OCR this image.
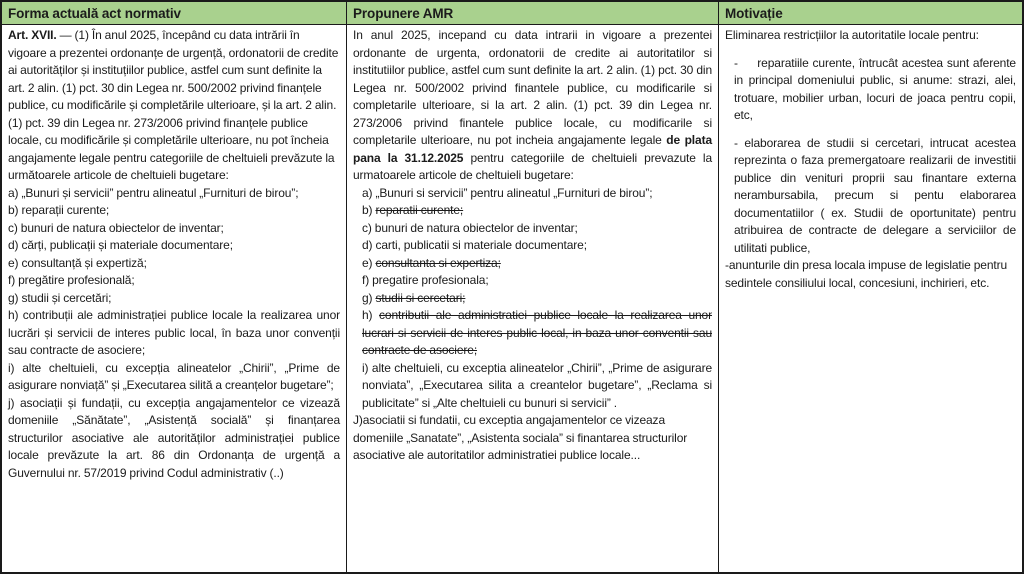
Forma actuală act normativ

Art. XVII. — (1) În anul 2025, începând cu data intrării în vigoare a prezentei ordonanțe de urgență, ordonatorii de credite ai autorităților și instituțiilor publice, astfel cum sunt definite la art. 2 alin. (1) pct. 30 din Legea nr. 500/2002 privind finanțele publice, cu modificările și completările ulterioare, și la art. 2 alin. (1) pct. 39 din Legea nr. 273/2006 privind finanțele publice locale, cu modificările și completările ulterioare, nu pot încheia angajamente legale pentru categoriile de cheltuieli prevăzute la următoarele articole de cheltuieli bugetare:

a) „Bunuri și servicii” pentru alineatul „Furnituri de birou”;

b) reparații curente;

c) bunuri de natura obiectelor de inventar;

d) cărți, publicații și materiale documentare;

e) consultanță și expertiză;

f) pregătire profesională;

g) studii și cercetări;

h) contribuții ale administrației publice locale la realizarea unor lucrări și servicii de interes public local, în baza unor convenții sau contracte de asociere;

i) alte cheltuieli, cu excepția alineatelor „Chirii”, „Prime de asigurare nonviață” și „Executarea silită a creanțelor bugetare”;

j) asociații și fundații, cu excepția angajamentelor ce vizează domeniile „Sănătate”, „Asistență socială” și finanțarea structurilor asociative ale autorităților administrației publice locale prevăzute la art. 86 din Ordonanța de urgență a Guvernului nr. 57/2019 privind Codul administrativ (..)

Propunere AMR

In anul 2025, incepand cu data intrarii in vigoare a prezentei ordonante de urgenta, ordonatorii de credite ai autoritatilor si institutiilor publice, astfel cum sunt definite la art. 2 alin. (1) pct. 30 din Legea nr. 500/2002 privind finantele publice, cu modificarile si completarile ulterioare, si la art. 2 alin. (1) pct. 39 din Legea nr. 273/2006 privind finantele publice locale, cu modificarile si completarile ulterioare, nu pot incheia angajamente legale de plata pana la 31.12.2025 pentru categoriile de cheltuieli prevazute la urmatoarele articole de cheltuieli bugetare:

a) „Bunuri si servicii” pentru alineatul „Furnituri de birou”;

b) reparatii curente;

c) bunuri de natura obiectelor de inventar;

d) carti, publicatii si materiale documentare;

e) consultanta si expertiza;

f) pregatire profesionala;

g) studii si cercetari;

h) contributii ale administratiei publice locale la realizarea unor lucrari si servicii de interes public local, in baza unor conventii sau contracte de asociere;

i) alte cheltuieli, cu exceptia alineatelor „Chirii”, „Prime de asigurare nonviata”, „Executarea silita a creantelor bugetare”, „Reclama si publicitate” si „Alte cheltuieli cu bunuri si servicii” .

J)asociatii si fundatii, cu exceptia angajamentelor ce vizeaza domeniile „Sanatate”, „Asistenta sociala” si finantarea structurilor asociative ale autoritatilor administratiei publice locale...

Motivație

Eliminarea restricțiilor la autoritatile locale pentru:

-     reparatiile curente, întrucât acestea sunt aferente in principal domeniului public, si anume: strazi, alei, trotuare, mobilier urban, locuri de joaca pentru copii, etc,

- elaborarea de studii si cercetari, intrucat acestea reprezinta o faza premergatoare realizarii de investitii publice din venituri proprii sau finantare externa nerambursabila, precum si pentu elaborarea documentatiilor ( ex. Studii de oportunitate) pentru atribuirea de contracte de delegare a serviciilor de utilitati publice,

-anunturile din presa locala impuse de legislatie pentru sedintele consiliului local, concesiuni, inchirieri, etc.
